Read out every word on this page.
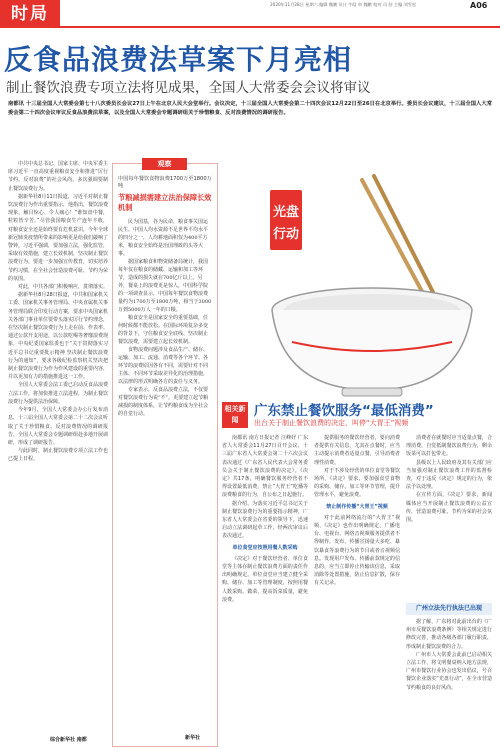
时局	2020年11月28日 星期六 编辑 魏鹏 设计 牛晗 审 魏鹏 校对 司 舒 主编 刘雪松	A06
反食品浪费法草案下月亮相
制止餐饮浪费专项立法将见成果，全国人大常委会会议将审议
南都讯 十三届全国人大常委会第七十八次委员长会议27日上午在北京人民大会堂举行。会议决定，十三届全国人大常委会第二十四次会议12月22日至26日在北京举行。委员长会议建议，十三届全国人大常委会第二十四次会议审议反食品浪费法草案，以及全国人大常委会专题调研组关于珍惜粮食、反对浪费情况的调研报告。

中共中央总书记、国家主席、中央军委主席习近平一直高度重视粮食安全和推进“厉行节约、反对浪费”的社会风尚，多次强调要制止餐饮浪费行为。

据新华社8月11日报道，习近平对制止餐饮浪费行为作出重要指示，他指出，餐饮浪费现象，触目惊心、令人痛心！“谁知盘中餐，粒粒皆辛苦。”尽管我国粮食生产连年丰收，对粮食安全还是始终要有危机意识，今年全球新冠肺炎疫情所带来的影响更是给我们敲响了警钟。习近平强调，要加强立法，强化监管，采取有效措施，建立长效机制，坚决制止餐饮浪费行为。要进一步加强宣传教育，切实培养节约习惯，在全社会营造浪费可耻、节约为荣的氛围。

对此，中共各部门积极响应，贯彻落实。

据新华社8月28日报道，中共和国家机关工委、国家机关事务管理局、中央直属机关事务管理局联合印发行动方案，要求中央国家机关各部门事业单位要带头落实厉行节约理念，在坚决制止餐饮浪费行为上走在前、作表率。通过公款开支用途，以公款吃喝等奢靡浪费现象，中央纪委国家监委也于“关于贯彻落实习近平总书记重要批示精神 坚决制止餐饮浪费行为的通知”，要求各级纪检监察机关坚决把制止餐饮浪费行为作为作风建设的重要内容，并以更加有力的措施推进这一工作。

全国人大常委会法工委已启动反食品浪费立法工作，将加快推进立法进程，为制止餐饮浪费行为提供法治保障。

今年9月，全国人大常委会办公厅发布消息，十三届全国人大常委会第二十二次会议听取了关于珍惜粮食、反对浪费情况的调研报告，全国人大常委会专题调研组赴多地开展调研，形成了调研报告。

与此同时，制止餐饮浪费专项立法工作也已提上日程。

综合新华社 南都
观察
中国每年餐饮食物浪费1700万至1800万吨
节粮减损需建立法治保障长效机制

民为国基，谷为民命，粮食事关国运民生。中国人均水资源不足世界平均水平的四分之一，人均耕地面积仅为400平方米，粮食安全始终是治国理政的头等大事。

据国家粮食和物资储备局统计，我国每年仅在粮食的储藏、运输和加工等环节，造成的损失就在700亿斤以上。另外，餐桌上的浪费更是惊人，中国科学院的一项调查显示，中国每年餐饮食物浪费量约为1700万至1800万吨，相当于3000万到5000万人一年的口粮。

粮食安全是国家安全的重要基础，任何时候都不能放松。在国际环境复杂多变的背景下，守住粮食安全底线、坚决制止餐饮浪费，需要建立起长效机制。

食物浪费问题涉及食品生产、储存、运输、加工、流通、消费等各个环节。各环节的浪费原因各有不同，需要针对不同主体、不同环节采取差异化的治理措施，以法律的形式明确各方的责任与义务。

专家表示，反食品浪费立法，不仅要对餐饮浪费行为说“不”，更要建立起节粮减损的制度体系，让节约粮食成为全社会的自觉行动。

新华社
光盘
行动
相关新闻
广东禁止餐饮服务“最低消费”
出台关于制止餐饮浪费的决定，叫停“大胃王”视频

南都讯 南方日报记者 汪峰妤 广东省人大常委会11月27日召开会议，十三届广东省人大常委会第二十六次会议表决通过《广东省人民代表大会常务委员会关于制止餐饮浪费的决定》。《决定》共17条，明确餐饮服务经营者不得设置最低消费，禁止“大胃王”吃播等浪费粮食的行为，自公布之日起施行。

据介绍，为落实习近平总书记关于制止餐饮浪费行为的重要指示精神，广东省人大常委会在省委的领导下，迅速启动立法调研起草工作，经两次审议后表决通过。

单位食堂应按照用餐人数采购

《决定》对于餐饮经营者、单位食堂等主体在制止餐饮浪费方面的责任作出明确规定。单位食堂应当建立健全采购、储存、加工等管理制度，按照用餐人数采购、做菜，提高饭菜质量，避免浪费。

提供服务的餐饮经营者，要向消费者提供有关信息，尤其在点餐时，应当主动提示消费者适量点餐，引导消费者理性消费。

对于不涉及经营的单位食堂等餐饮场所，《决定》要求，要加强食堂食物的采购、储存、加工等环节管理，提升管理水平，避免浪费。

禁止制作传播“大胃王”视频

对于此前网络流行的“大胃王”视频，《决定》也作出明确规定，广播电台、电视台、网络音视频服务提供者不得制作、发布、传播宣扬量大多吃、暴饮暴食等浪费行为的节目或者音视频信息。发现用户发布、传播前款规定的信息的，应当立即停止传输该信息，采取消除等处置措施，防止信息扩散，保存有关记录。

消费者在就餐时应当适量点餐，合理消费，自觉抵制餐饮浪费行为，剩余饭菜可以打包带走。

县级以上人民政府及其有关部门应当加强对制止餐饮浪费工作的监督检查，对于违反《决定》规定的行为，依法予以处理。

在宣传方面，《决定》要求，新闻媒体应当开展制止餐饮浪费的公益宣传，营造浪费可耻、节约为荣的社会氛围。

广州立法先行执法已出现

据了解，广东将对此前出台的《广州市反餐饮浪费条例》等相关规定进行修改完善，推动各级各部门履行职责，形成制止餐饮浪费的合力。

广州市人大常委会此前已启动相关立法工作，将文明餐桌纳入地方法规，广州市餐饮行业协会也发出倡议，号召餐饮企业落实“光盘行动”，在全市营造节约粮食的良好风尚。
